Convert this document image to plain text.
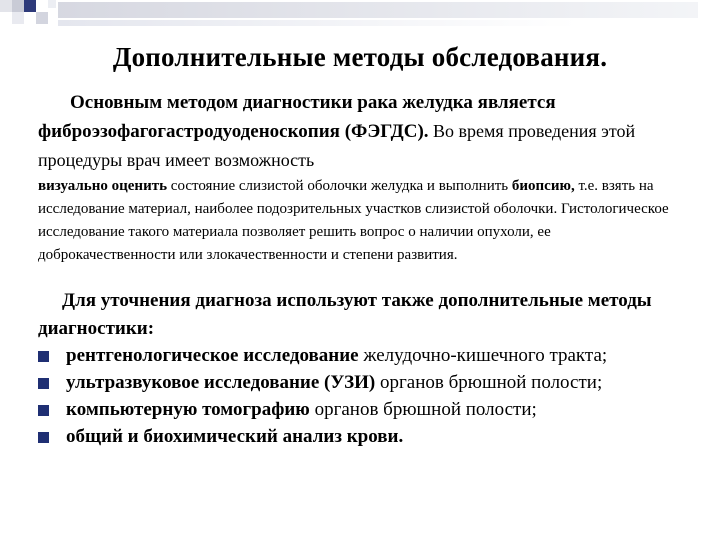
Дополнительные методы обследования.

Основным методом диагностики рака желудка является фиброэзофагогастродуоденоскопия (ФЭГДС). Во время проведения этой процедуры врач имеет возможность

визуально оценить состояние слизистой оболочки желудка и выполнить биопсию, т.е. взять на исследование материал, наиболее подозрительных участков слизистой оболочки. Гистологическое исследование такого материала позволяет решить вопрос о наличии опухоли, ее доброкачественности или злокачественности и степени развития.

Для уточнения диагноза используют также дополнительные методы диагностики:

рентгенологическое исследование желудочно-кишечного тракта;
ультразвуковое исследование (УЗИ) органов брюшной полости;
компьютерную томографию органов брюшной полости;
общий и биохимический анализ крови.
